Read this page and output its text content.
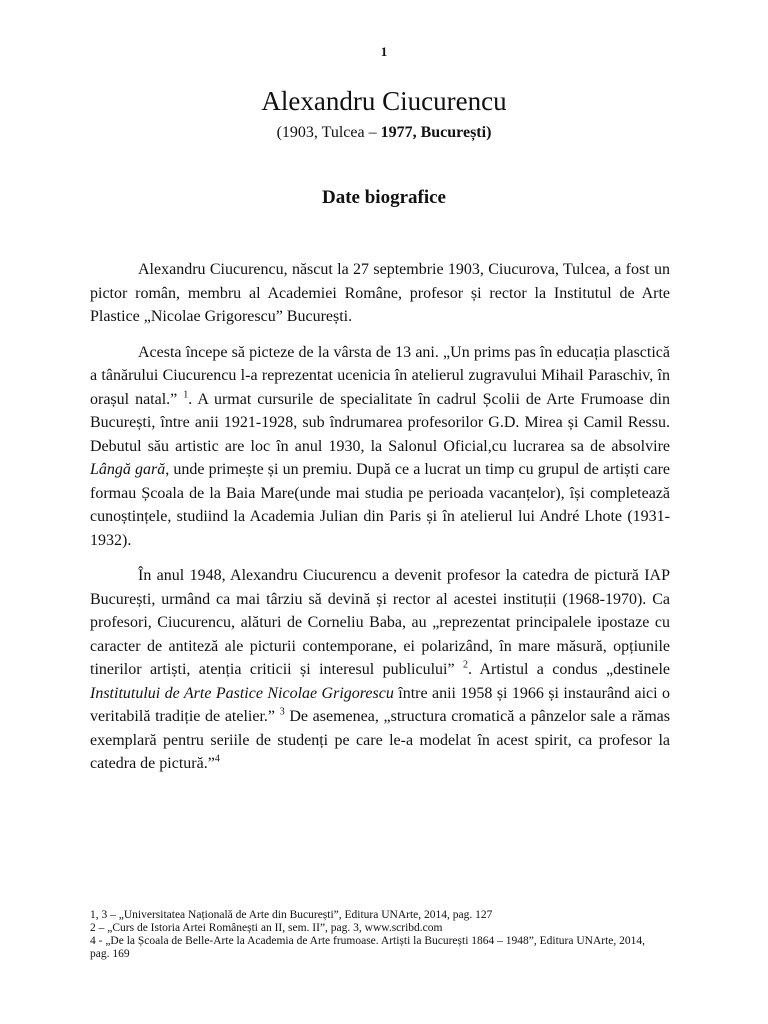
1
Alexandru Ciucurencu
(1903, Tulcea – 1977, București)
Date biografice

Alexandru Ciucurencu, născut la 27 septembrie 1903, Ciucurova, Tulcea, a fost un pictor român, membru al Academiei Române, profesor și rector la Institutul de Arte Plastice „Nicolae Grigorescu” București.

Acesta începe să picteze de la vârsta de 13 ani. „Un prims pas în educația plasctică a tânărului Ciucurencu l-a reprezentat ucenicia în atelierul zugravului Mihail Paraschiv, în orașul natal.” $^1$. A urmat cursurile de specialitate în cadrul Școlii de Arte Frumoase din București, între anii 1921-1928, sub îndrumarea profesorilor G.D. Mirea și Camil Ressu. Debutul său artistic are loc în anul 1930, la Salonul Oficial,cu lucrarea sa de absolvire Lângă gară, unde primește și un premiu. După ce a lucrat un timp cu grupul de artiști care formau Școala de la Baia Mare(unde mai studia pe perioada vacanțelor), își completează cunoștințele, studiind la Academia Julian din Paris și în atelierul lui André Lhote (1931-1932).

În anul 1948, Alexandru Ciucurencu a devenit profesor la catedra de pictură IAP București, urmând ca mai târziu să devină și rector al acestei instituții (1968-1970). Ca profesori, Ciucurencu, alături de Corneliu Baba, au „reprezentat principalele ipostaze cu caracter de antiteză ale picturii contemporane, ei polarizând, în mare măsură, opțiunile tinerilor artiști, atenția criticii și interesul publicului” $^2$. Artistul a condus „destinele Institutului de Arte Pastice Nicolae Grigorescu între anii 1958 și 1966 și instaurând aici o veritabilă tradiție de atelier.” $^3$ De asemenea, „structura cromatică a pânzelor sale a rămas exemplară pentru seriile de studenți pe care le-a modelat în acest spirit, ca profesor la catedra de pictură.”$^4$

1, 3 – „Universitatea Națională de Arte din București”, Editura UNArte, 2014, pag. 127
2 – „Curs de Istoria Artei Românești an II, sem. II”, pag. 3, www.scribd.com
4 - „De la Școala de Belle-Arte la Academia de Arte frumoase. Artiști la București 1864 – 1948”, Editura UNArte, 2014, pag. 169
